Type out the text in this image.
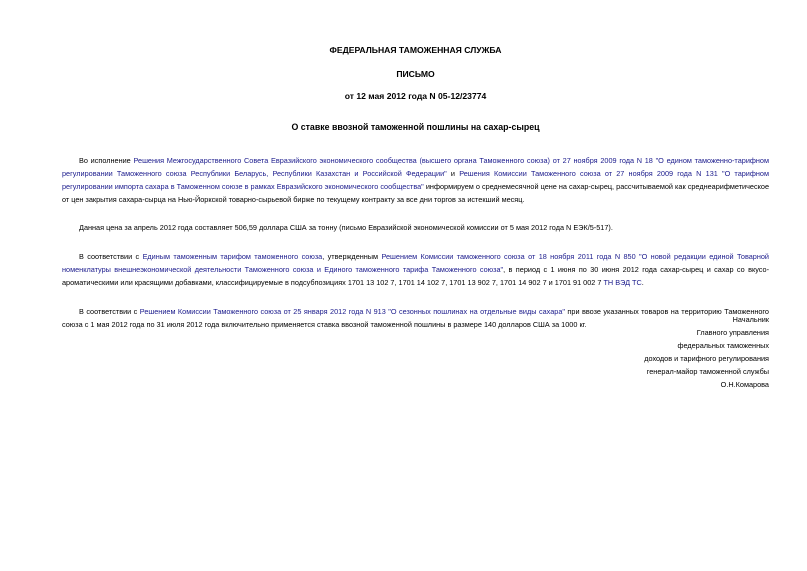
ФЕДЕРАЛЬНАЯ ТАМОЖЕННАЯ СЛУЖБА
ПИСЬМО
от 12 мая 2012 года N 05-12/23774
О ставке ввозной таможенной пошлины на сахар-сырец

Во исполнение Решения Межгосударственного Совета Евразийского экономического сообщества (высшего органа Таможенного союза) от 27 ноября 2009 года N 18 "О едином таможенно-тарифном регулировании Таможенного союза Республики Беларусь, Республики Казахстан и Российской Федерации" и Решения Комиссии Таможенного союза от 27 ноября 2009 года N 131 "О тарифном регулировании импорта сахара в Таможенном союзе в рамках Евразийского экономического сообщества" информируем о среднемесячной цене на сахар-сырец, рассчитываемой как среднеарифметическое от цен закрытия сахара-сырца на Нью-Йоркской товарно-сырьевой бирже по текущему контракту за все дни торгов за истекший месяц.

Данная цена за апрель 2012 года составляет 506,59 доллара США за тонну (письмо Евразийской экономической комиссии от 5 мая 2012 года N ЕЭК/5-517).

В соответствии с Единым таможенным тарифом таможенного союза, утвержденным Решением Комиссии таможенного союза от 18 ноября 2011 года N 850 "О новой редакции единой Товарной номенклатуры внешнеэкономической деятельности Таможенного союза и Единого таможенного тарифа Таможенного союза", в период с 1 июня по 30 июня 2012 года сахар-сырец и сахар со вкусо-ароматическими или красящими добавками, классифицируемые в подсубпозициях 1701 13 102 7, 1701 14 102 7, 1701 13 902 7, 1701 14 902 7 и 1701 91 002 7 ТН ВЭД ТС.

В соответствии с Решением Комиссии Таможенного союза от 25 января 2012 года N 913 "О сезонных пошлинах на отдельные виды сахара" при ввозе указанных товаров на территорию Таможенного союза с 1 мая 2012 года по 31 июля 2012 года включительно применяется ставка ввозной таможенной пошлины в размере 140 долларов США за 1000 кг.

Начальник
Главного управления
федеральных таможенных
доходов и тарифного регулирования
генерал-майор таможенной службы
О.Н.Комарова
